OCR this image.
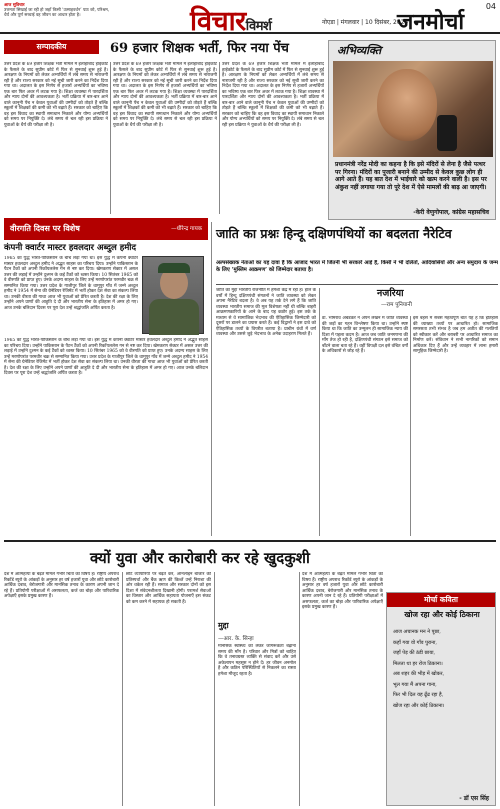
आज सुविचार
उत्तमता सिखाई जा रही हो जहाँ किसी ‘उत्साहवर्धन’ पाठ को, परिश्रम, धैर्य और पूर्ण सच्चाई वह जीवन का आधार होता है।	विचारविमर्श	नोएडा | मंगलवार | 10 दिसंबर, 2024
जनमोर्चा
04
सम्पादकीय	69 हजार शिक्षक भर्ती, फिर नया पेंच
उत्तर प्रदेश के 69 हजार शिक्षक भर्ती मामले में इलाहाबाद हाईकोर्ट के फैसले के बाद सुप्रीम कोर्ट में फिर से सुनवाई शुरू हुई है। आरक्षण के नियमों को लेकर अभ्यर्थियों में लंबे समय से नाराजगी रही है और राज्य सरकार को नई सूची जारी करने का निर्देश दिया गया था। अदालत के इस निर्णय से हजारों अभ्यर्थियों का भविष्य एक बार फिर अधर में लटक गया है। शिक्षा व्यवस्था में पारदर्शिता और न्याय दोनों की आवश्यकता है। भर्ती प्रक्रिया में बार-बार आने वाले कानूनी पेंच न केवल युवाओं की उम्मीदों को तोड़ते हैं बल्कि स्कूलों में शिक्षकों की कमी को भी बढ़ाते हैं। सरकार को चाहिए कि वह इस विवाद का स्थायी समाधान निकाले और योग्य अभ्यर्थियों को समय पर नियुक्ति दे। लंबे समय से चल रही इस प्रक्रिया ने युवाओं के धैर्य की परीक्षा ली है।
उत्तर प्रदेश के 69 हजार शिक्षक भर्ती मामले में इलाहाबाद हाईकोर्ट के फैसले के बाद सुप्रीम कोर्ट में फिर से सुनवाई शुरू हुई है। आरक्षण के नियमों को लेकर अभ्यर्थियों में लंबे समय से नाराजगी रही है और राज्य सरकार को नई सूची जारी करने का निर्देश दिया गया था। अदालत के इस निर्णय से हजारों अभ्यर्थियों का भविष्य एक बार फिर अधर में लटक गया है। शिक्षा व्यवस्था में पारदर्शिता और न्याय दोनों की आवश्यकता है। भर्ती प्रक्रिया में बार-बार आने वाले कानूनी पेंच न केवल युवाओं की उम्मीदों को तोड़ते हैं बल्कि स्कूलों में शिक्षकों की कमी को भी बढ़ाते हैं। सरकार को चाहिए कि वह इस विवाद का स्थायी समाधान निकाले और योग्य अभ्यर्थियों को समय पर नियुक्ति दे। लंबे समय से चल रही इस प्रक्रिया ने युवाओं के धैर्य की परीक्षा ली है।
उत्तर प्रदेश के 69 हजार शिक्षक भर्ती मामले में इलाहाबाद हाईकोर्ट के फैसले के बाद सुप्रीम कोर्ट में फिर से सुनवाई शुरू हुई है। आरक्षण के नियमों को लेकर अभ्यर्थियों में लंबे समय से नाराजगी रही है और राज्य सरकार को नई सूची जारी करने का निर्देश दिया गया था। अदालत के इस निर्णय से हजारों अभ्यर्थियों का भविष्य एक बार फिर अधर में लटक गया है। शिक्षा व्यवस्था में पारदर्शिता और न्याय दोनों की आवश्यकता है। भर्ती प्रक्रिया में बार-बार आने वाले कानूनी पेंच न केवल युवाओं की उम्मीदों को तोड़ते हैं बल्कि स्कूलों में शिक्षकों की कमी को भी बढ़ाते हैं। सरकार को चाहिए कि वह इस विवाद का स्थायी समाधान निकाले और योग्य अभ्यर्थियों को समय पर नियुक्ति दे। लंबे समय से चल रही इस प्रक्रिया ने युवाओं के धैर्य की परीक्षा ली है।
अभिव्यक्ति
प्रधानमंत्री नरेंद्र मोदी का कहना है कि इसे मंदिरों से लेना है जैसे पत्थर पर गिरना। मंदिरों का पुजारी बनाने की उम्मीद से केवल कुछ लोग ही आगे आते हैं। यह बात देश में भाईचारे को खत्म करने वाली है। इस पर अंकुश नहीं लगाया गया तो पूरे देश में ऐसे मामलों की बाढ़ आ जाएगी।
-केरी वेणुगोपाल, कांग्रेस महासचिव
वीरगति दिवस पर विशेष	—धीरेन्द्र गायक
कंपनी क्वार्टर मास्टर हवलदार अब्दुल हमीद
1965 का युद्ध भारत-पाकिस्तान के बीच लड़ा गया था। इस युद्ध में कंपनी क्वार्टर मास्टर हवलदार अब्दुल हमीद ने अद्भुत साहस का परिचय दिया। उन्होंने पाकिस्तान के पैटन टैंकों को अपनी रिकॉयललेस गन से नष्ट कर दिया। खेमकरण सेक्टर में असल उत्तर की लड़ाई में उन्होंने दुश्मन के कई टैंकों को ध्वस्त किया। 10 सितंबर 1965 को वे वीरगति को प्राप्त हुए। उनके अदम्य साहस के लिए उन्हें मरणोपरांत परमवीर चक्र से सम्मानित किया गया। उत्तर प्रदेश के गाजीपुर जिले के धामूपुर गाँव में जन्मे अब्दुल हमीद ने 1954 में सेना की ग्रेनेडियर रेजिमेंट में भर्ती होकर देश सेवा का संकल्प लिया था। उनकी वीरता की गाथा आज भी युवाओं को प्रेरित करती है। देश की रक्षा के लिए उन्होंने अपने प्राणों की आहुति दे दी और भारतीय सेना के इतिहास में अमर हो गए। आज उनके बलिदान दिवस पर पूरा देश उन्हें श्रद्धांजलि अर्पित करता है।
1965 का युद्ध भारत-पाकिस्तान के बीच लड़ा गया था। इस युद्ध में कंपनी क्वार्टर मास्टर हवलदार अब्दुल हमीद ने अद्भुत साहस का परिचय दिया। उन्होंने पाकिस्तान के पैटन टैंकों को अपनी रिकॉयललेस गन से नष्ट कर दिया। खेमकरण सेक्टर में असल उत्तर की लड़ाई में उन्होंने दुश्मन के कई टैंकों को ध्वस्त किया। 10 सितंबर 1965 को वे वीरगति को प्राप्त हुए। उनके अदम्य साहस के लिए उन्हें मरणोपरांत परमवीर चक्र से सम्मानित किया गया। उत्तर प्रदेश के गाजीपुर जिले के धामूपुर गाँव में जन्मे अब्दुल हमीद ने 1954 में सेना की ग्रेनेडियर रेजिमेंट में भर्ती होकर देश सेवा का संकल्प लिया था। उनकी वीरता की गाथा आज भी युवाओं को प्रेरित करती है। देश की रक्षा के लिए उन्होंने अपने प्राणों की आहुति दे दी और भारतीय सेना के इतिहास में अमर हो गए। आज उनके बलिदान दिवस पर पूरा देश उन्हें श्रद्धांजलि अर्पित करता है।
जाति का प्रश्नः हिन्दू दक्षिणपंथियों का बदलता नैरेटिव
अल्पसंख्यक नेताओं का यह दावा है कि आजाद भारत में जितनी भी सरकारें आई हैं, किसी ने भी दलितों, आदिवासियों और अन्य समुदाय के जन्म के लिए ‘मुस्लिम आक्रमण’ को जिम्मेदार बताया है।
नजरिया
—राम पुनियानी
जाति का मुद्दा भारतीय राजनीति में हमेशा केंद्र में रहा है। हाल के वर्षों में हिन्दू दक्षिणपंथी संगठनों ने जाति व्यवस्था को लेकर अपना नैरेटिव बदला है। वे अब यह तर्क देने लगे हैं कि जाति व्यवस्था भारतीय समाज की मूल विशेषता नहीं थी बल्कि बाहरी आक्रमणकारियों के आने के बाद यह कठोर हुई। इस तर्क के माध्यम से वे सामाजिक भेदभाव की ऐतिहासिक जिम्मेदारी को दूसरों पर डालने का प्रयास करते हैं। कई विद्वानों ने इस दावे को ऐतिहासिक तथ्यों के विपरीत बताया है। प्राचीन ग्रंथों में वर्ण व्यवस्था और उससे जुड़े भेदभाव के अनेक उदाहरण मिलते हैं।
डॉ. भीमराव अंबेडकर ने अपने लेखन में जाति व्यवस्था की जड़ों का गहन विश्लेषण किया था। उन्होंने स्पष्ट किया था कि जाति का उन्मूलन ही सामाजिक न्याय की दिशा में पहला कदम है। आज जब जाति जनगणना की माँग तेज हो रही है, दक्षिणपंथी संगठन इसे समाज को बाँटने वाला बता रहे हैं। वहीं विपक्षी दल इसे वंचित वर्गों के अधिकारों से जोड़ रहे हैं।
इस बहस में सबसे महत्वपूर्ण बात यह है कि इतिहास की व्याख्या तथ्यों पर आधारित हो। सामाजिक समरसता तभी संभव है जब हम अतीत की गलतियों को स्वीकार करें और बराबरी पर आधारित समाज का निर्माण करें। संविधान ने सभी नागरिकों को समान अधिकार दिए हैं और उन्हें व्यवहार में लाना हमारी सामूहिक जिम्मेदारी है।
क्यों युवा और कारोबारी कर रहे खुदकुशी
देश में आत्महत्या के बढ़ते मामले गंभीर चिंता का विषय हैं। राष्ट्रीय अपराध रिकॉर्ड ब्यूरो के आंकड़ों के अनुसार हर वर्ष हजारों युवा और छोटे कारोबारी आर्थिक दबाव, बेरोजगारी और मानसिक तनाव के कारण अपनी जान दे रहे हैं। प्रतियोगी परीक्षाओं में असफलता, कर्ज का बोझ और पारिवारिक अपेक्षाएँ इसके प्रमुख कारण हैं।
छोटे व्यापारियों पर बढ़ते कर, ऑनलाइन बाजार की प्रतिस्पर्धा और बैंक ऋण की किश्तें उन्हें निराशा की ओर धकेल रही हैं। समाज और सरकार दोनों को इस दिशा में संवेदनशीलता दिखानी होगी। परामर्श सेवाओं का विस्तार और आर्थिक सहायता योजनाएँ इस संकट को कम करने में सहायक हो सकती हैं।
मुद्दा
—आर. के. सिन्हा
मानसिक स्वास्थ्य को लेकर जागरूकता बढ़ाना समय की माँग है। परिवार और मित्रों को चाहिए कि वे तनावग्रस्त व्यक्ति से संवाद करें और उसे अकेलापन महसूस न होने दें। हर जीवन अनमोल है और कठिन परिस्थितियों से निकलने का रास्ता हमेशा मौजूद रहता है।
देश में आत्महत्या के बढ़ते मामले गंभीर चिंता का विषय हैं। राष्ट्रीय अपराध रिकॉर्ड ब्यूरो के आंकड़ों के अनुसार हर वर्ष हजारों युवा और छोटे कारोबारी आर्थिक दबाव, बेरोजगारी और मानसिक तनाव के कारण अपनी जान दे रहे हैं। प्रतियोगी परीक्षाओं में असफलता, कर्ज का बोझ और पारिवारिक अपेक्षाएँ इसके प्रमुख कारण हैं।
मोर्चा कविता
खोज रहा और कोई ठिकाना
आज अचानक मन ने पूछा,
कहाँ गया वो गाँव पुराना,
जहाँ पेड़ की ठंडी छाया,
मिलता था हर रोज ठिकाना।
अब शहर की भीड़ में खोकर,
भूल गया मैं अपना गाना,
फिर भी दिल यह ढूँढ रहा है,
खोज रहा और कोई ठिकाना।
- डॉ एस सिंह
